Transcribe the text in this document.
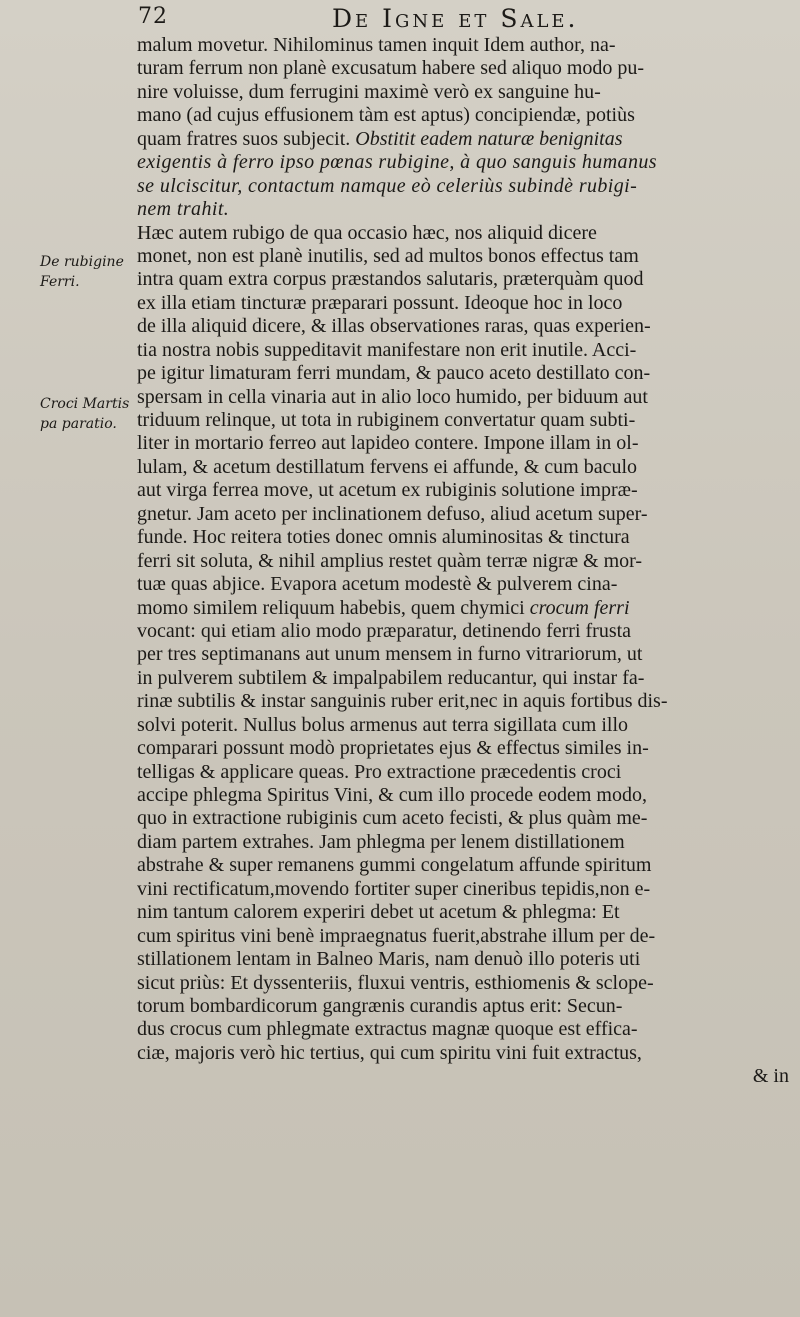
72	De Igne et Sale.
De rubigine Ferri.
Croci Martis pa paratio.
malum movetur. Nihilominus tamen inquit Idem author, na-
turam ferrum non planè excusatum habere sed aliquo modo pu-
nire voluisse, dum ferrugini maximè verò ex sanguine hu-
mano (ad cujus effusionem tàm est aptus) concipiendæ, potiùs
quam fratres suos subjecit. Obstitit eadem naturæ benignitas
exigentis à ferro ipso pœnas rubigine, à quo sanguis humanus
se ulciscitur, contactum namque eò celeriùs subindè rubigi-
nem trahit.
Hæc autem rubigo de qua occasio hæc, nos aliquid dicere
monet, non est planè inutilis, sed ad multos bonos effectus tam
intra quam extra corpus præstandos salutaris, præterquàm quod
ex illa etiam tincturæ præparari possunt. Ideoque hoc in loco
de illa aliquid dicere, & illas observationes raras, quas experien-
tia nostra nobis suppeditavit manifestare non erit inutile. Acci-
pe igitur limaturam ferri mundam, & pauco aceto destillato con-
spersam in cella vinaria aut in alio loco humido, per biduum aut
triduum relinque, ut tota in rubiginem convertatur quam subti-
liter in mortario ferreo aut lapideo contere. Impone illam in ol-
lulam, & acetum destillatum fervens ei affunde, & cum baculo
aut virga ferrea move, ut acetum ex rubiginis solutione impræ-
gnetur. Jam aceto per inclinationem defuso, aliud acetum super-
funde. Hoc reitera toties donec omnis aluminositas & tinctura
ferri sit soluta, & nihil amplius restet quàm terræ nigræ & mor-
tuæ quas abjice. Evapora acetum modestè & pulverem cina-
momo similem reliquum habebis, quem chymici crocum ferri
vocant: qui etiam alio modo præparatur, detinendo ferri frusta
per tres septimanans aut unum mensem in furno vitrariorum, ut
in pulverem subtilem & impalpabilem reducantur, qui instar fa-
rinæ subtilis & instar sanguinis ruber erit,nec in aquis fortibus dis-
solvi poterit. Nullus bolus armenus aut terra sigillata cum illo
comparari possunt modò proprietates ejus & effectus similes in-
telligas & applicare queas. Pro extractione præcedentis croci
accipe phlegma Spiritus Vini, & cum illo procede eodem modo,
quo in extractione rubiginis cum aceto fecisti, & plus quàm me-
diam partem extrahes. Jam phlegma per lenem distillationem
abstrahe & super remanens gummi congelatum affunde spiritum
vini rectificatum,movendo fortiter super cineribus tepidis,non e-
nim tantum calorem experiri debet ut acetum & phlegma: Et
cum spiritus vini benè impraegnatus fuerit,abstrahe illum per de-
stillationem lentam in Balneo Maris, nam denuò illo poteris uti
sicut priùs: Et dyssenteriis, fluxui ventris, esthiomenis & sclope-
torum bombardicorum gangrænis curandis aptus erit: Secun-
dus crocus cum phlegmate extractus magnæ quoque est effica-
ciæ, majoris verò hic tertius, qui cum spiritu vini fuit extractus,
& in
